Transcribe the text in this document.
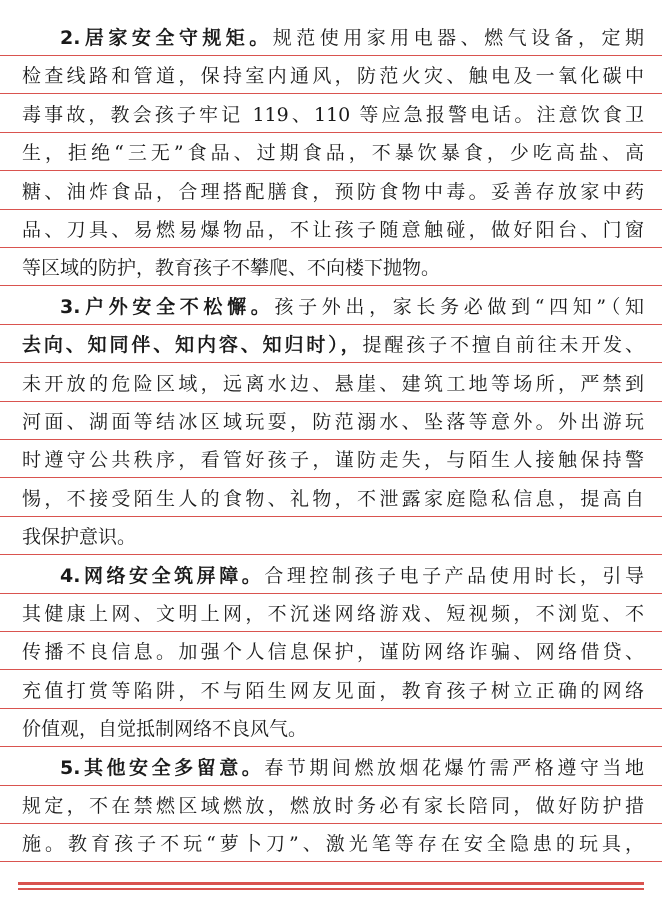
2.居家安全守规矩。规范使用家用电器、燃气设备，定期
检查线路和管道，保持室内通风，防范火灾、触电及一氧化碳中
毒事故，教会孩子牢记 119、110 等应急报警电话。注意饮食卫
生，拒绝“三无”食品、过期食品，不暴饮暴食，少吃高盐、高
糖、油炸食品，合理搭配膳食，预防食物中毒。妥善存放家中药
品、刀具、易燃易爆物品，不让孩子随意触碰，做好阳台、门窗
等区域的防护，教育孩子不攀爬、不向楼下抛物。
3.户外安全不松懈。孩子外出，家长务必做到“四知”（知
去向、知同伴、知内容、知归时），提醒孩子不擅自前往未开发、
未开放的危险区域，远离水边、悬崖、建筑工地等场所，严禁到
河面、湖面等结冰区域玩耍，防范溺水、坠落等意外。外出游玩
时遵守公共秩序，看管好孩子，谨防走失，与陌生人接触保持警
惕，不接受陌生人的食物、礼物，不泄露家庭隐私信息，提高自
我保护意识。
4.网络安全筑屏障。合理控制孩子电子产品使用时长，引导
其健康上网、文明上网，不沉迷网络游戏、短视频，不浏览、不
传播不良信息。加强个人信息保护，谨防网络诈骗、网络借贷、
充值打赏等陷阱，不与陌生网友见面，教育孩子树立正确的网络
价值观，自觉抵制网络不良风气。
5.其他安全多留意。春节期间燃放烟花爆竹需严格遵守当地
规定，不在禁燃区域燃放，燃放时务必有家长陪同，做好防护措
施。教育孩子不玩“萝卜刀”、激光笔等存在安全隐患的玩具，
